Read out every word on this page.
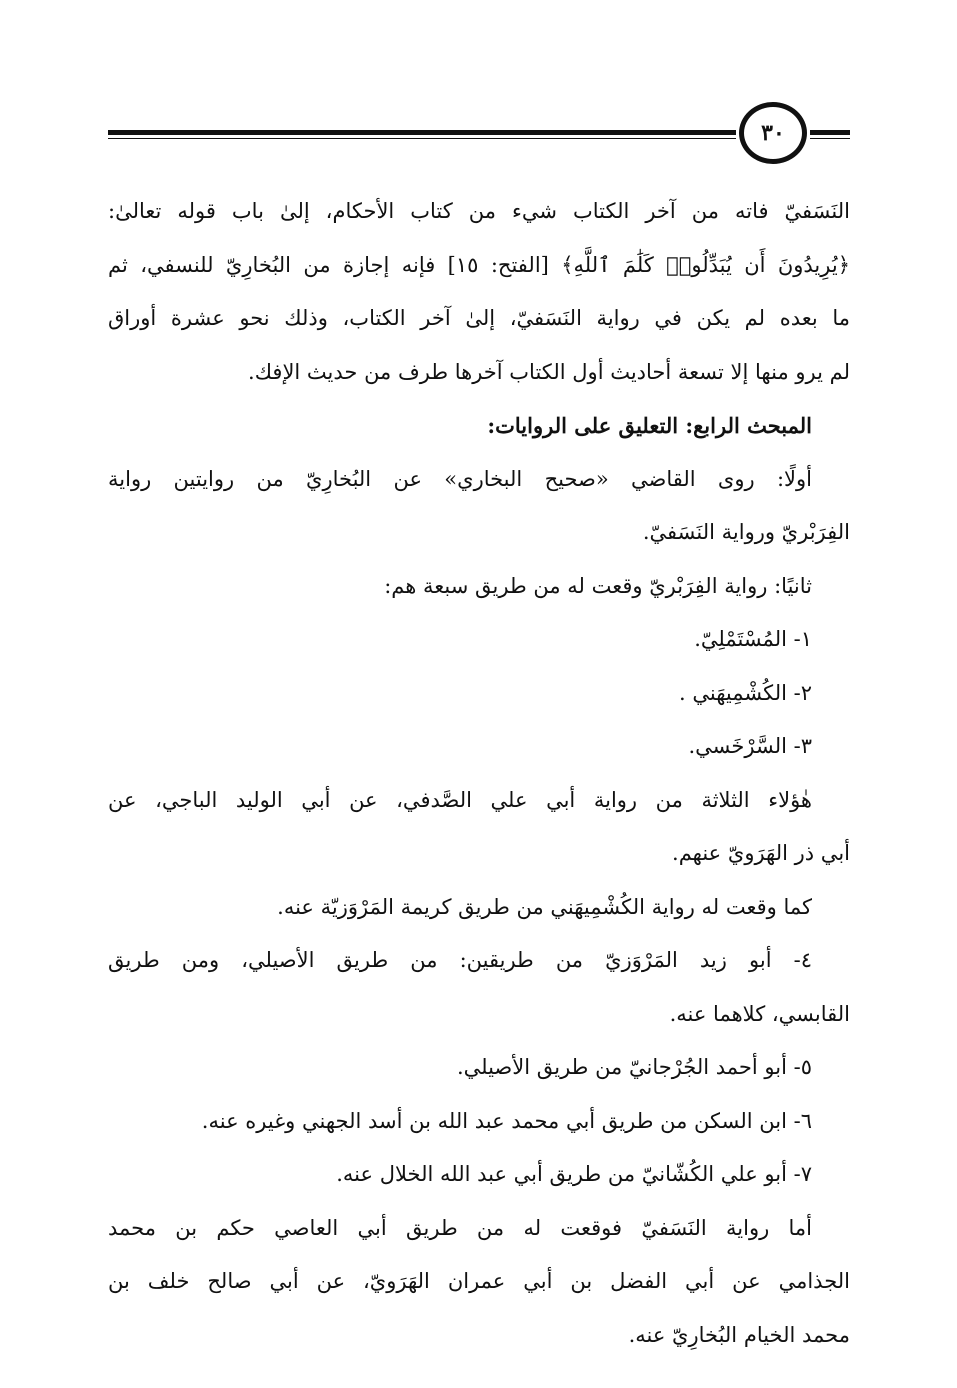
٣٠
النَسَفيّ فاته من آخر الكتاب شيء من كتاب الأحكام، إلىٰ باب قوله تعالىٰ:
﴿يُرِيدُونَ أَن يُبَدِّلُوا۟ كَلَٰمَ ٱللَّهِ﴾ [الفتح: ١٥] فإنه إجازة من البُخارِيّ للنسفي، ثم
ما بعده لم يكن في رواية النَسَفيّ، إلىٰ آخر الكتاب، وذلك نحو عشرة أوراق
لم يرو منها إلا تسعة أحاديث أول الكتاب آخرها طرف من حديث الإفك.
المبحث الرابع: التعليق على الروايات:
أولًا: روى القاضي «صحيح البخاري» عن البُخارِيّ من روايتين رواية
الفِرَبْريّ ورواية النَسَفيّ.
ثانيًا: رواية الفِرَبْريّ وقعت له من طريق سبعة هم:
١- المُسْتَمْلِيّ.
٢- الكُشْمِيهَني .
٣- السَّرْخَسي.
هٰؤلاء الثلاثة من رواية أبي علي الصَّدفي، عن أبي الوليد الباجي، عن
أبي ذر الهَرَويّ عنهم.
كما وقعت له رواية الكُشْمِيهَني من طريق كريمة المَرْوَزيّة عنه.
٤- أبو زيد المَرْوَزيّ من طريقين: من طريق الأصيلي، ومن طريق
القابسي، كلاهما عنه.
٥- أبو أحمد الجُرْجانيّ من طريق الأصيلي.
٦- ابن السكن من طريق أبي محمد عبد الله بن أسد الجهني وغيره عنه.
٧- أبو علي الكُشّانيّ من طريق أبي عبد الله الخلال عنه.
أما رواية النَسَفيّ فوقعت له من طريق أبي العاصي حكم بن محمد
الجذامي عن أبي الفضل بن أبي عمران الهَرَويّ، عن أبي صالح خلف بن
محمد الخيام البُخارِيّ عنه.
